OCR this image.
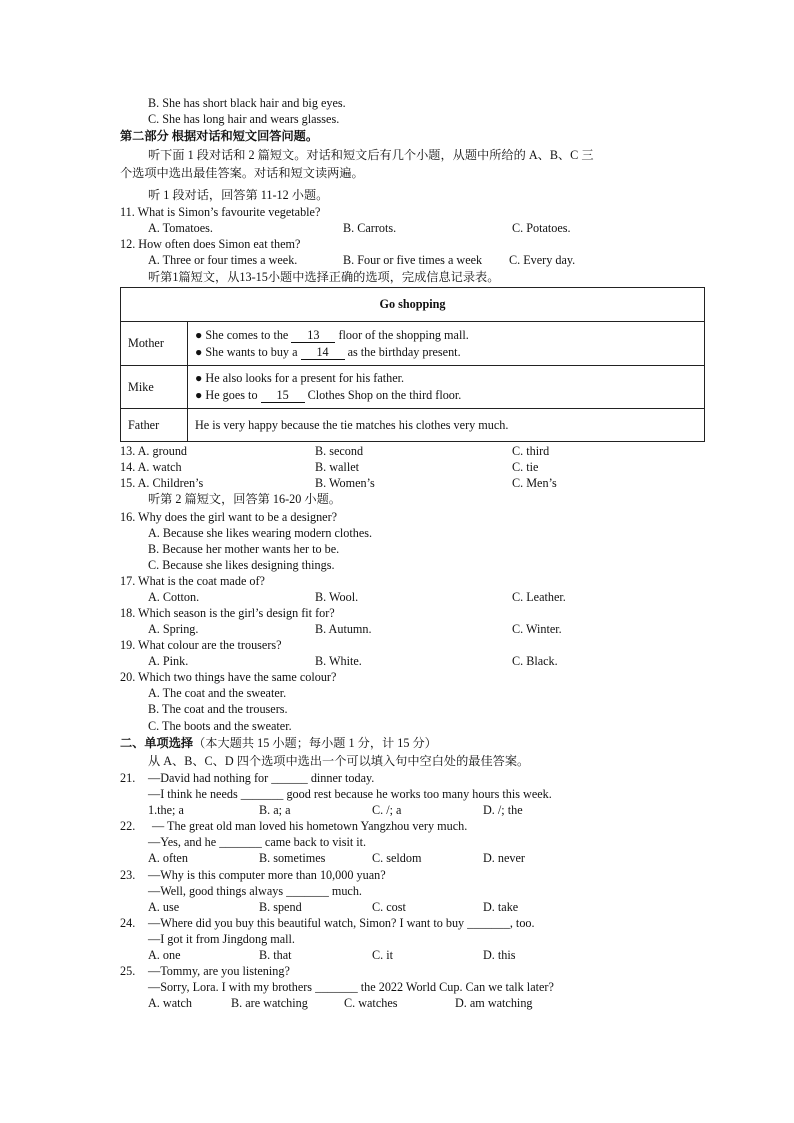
B. She has short black hair and big eyes.
C. She has long hair and wears glasses.
第二部分 根据对话和短文回答问题。
听下面 1 段对话和 2 篇短文。对话和短文后有几个小题，从题中所给的 A、B、C 三
个选项中选出最佳答案。对话和短文读两遍。
听 1 段对话，回答第 11-12 小题。
11. What is Simon’s favourite vegetable?
A. Tomatoes.	B. Carrots.	C. Potatoes.
12. How often does Simon eat them?
A. Three or four times a week.	B. Four or five times a week C. Every day.
听第1篇短文，从13-15小题中选择正确的选项，完成信息记录表。
Go shopping	
Mother	● She comes to the 13 floor of the shopping mall.
● She wants to buy a 14 as the birthday present.

Mike	● He also looks for a present for his father.
● He goes to 15 Clothes Shop on the third floor.

Father	He is very happy because the tie matches his clothes very much.
13. A. ground	B. second	C. third
14. A. watch	B. wallet	C. tie
15. A. Children’s	B. Women’s	C. Men’s
听第 2 篇短文，回答第 16-20 小题。
16. Why does the girl want to be a designer?
A. Because she likes wearing modern clothes.
B. Because her mother wants her to be.
C. Because she likes designing things.
17. What is the coat made of?
A. Cotton.	B. Wool.	C. Leather.
18. Which season is the girl’s design fit for?
A. Spring.	B. Autumn.	C. Winter.
19. What colour are the trousers?
A. Pink.	B. White.	C. Black.
20. Which two things have the same colour?
A. The coat and the sweater.
B. The coat and the trousers.
C. The boots and the sweater.
二、单项选择（本大题共 15 小题；每小题 1 分，计 15 分）
从 A、B、C、D 四个选项中选出一个可以填入句中空白处的最佳答案。
21. —David had nothing for ______ dinner today.
—I think he needs _______ good rest because he works too many hours this week.
1.the; a	B. a; a	C. /; a	D. /; the
22. — The great old man loved his hometown Yangzhou very much.
—Yes, and he _______ came back to visit it.
A. often	B. sometimes	C. seldom	D. never
23. —Why is this computer more than 10,000 yuan?
—Well, good things always _______ much.
A. use	B. spend	C. cost	D. take
24. —Where did you buy this beautiful watch, Simon? I want to buy _______, too.
—I got it from Jingdong mall.
A. one	B. that	C. it	D. this
25. —Tommy, are you listening?
—Sorry, Lora. I with my brothers _______ the 2022 World Cup. Can we talk later?
A. watch	B. are watching	C. watches	D. am watching
